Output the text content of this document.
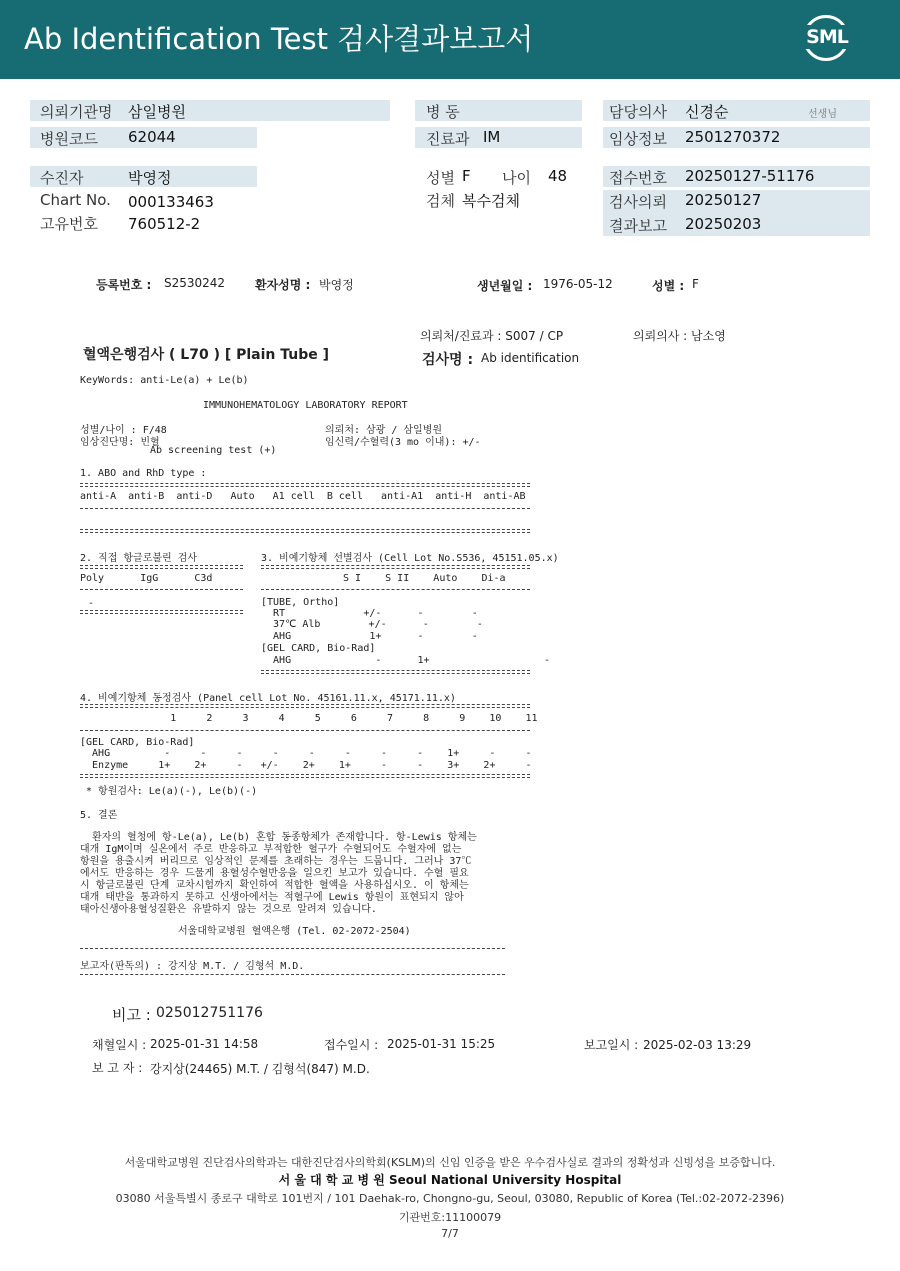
Ab Identification Test 검사결과보고서	SML
의뢰기관명 삼일병원
병원코드 62044
병 동
진료과 IM
담당의사 신경순	선생님
임상정보 2501270372
수진자	박영정
Chart No. 000133463
고유번호 760512-2
성별 F 나이 48
검체 복수검체
접수번호 20250127-51176
검사의뢰 20250127
결과보고 20250203
등록번호 : S2530242 환자성명 : 박영정	생년월일 : 1976-05-12	성별 : F
의뢰처/진료과 : S007 / CP	의뢰의사 : 남소영
혈액은행검사 ( L70 ) [ Plain Tube ]	검사명 : Ab identification
KeyWords: anti-Le(a) + Le(b)
IMMUNOHEMATOLOGY LABORATORY REPORT
성별/나이 : F/48	의뢰처: 삼광 / 삼일병원
임상진단명: 빈혈	임신력/수혈력(3 mo 이내): +/-
Ab screening test (+)
1. ABO and RhD type :
anti-A  anti-B  anti-D   Auto   A1 cell  B cell   anti-A1  anti-H  anti-AB
2. 직접 항글로불린 검사
Poly      IgG      C3d
-
3. 비예기항체 선별검사 (Cell Lot No.S536, 45151.05.x)
S I    S II    Auto    Di-a
[TUBE, Ortho]
RT             +/-      -        -
37℃ Alb        +/-      -        -
AHG             1+      -        -
[GEL CARD, Bio-Rad]
AHG              -      1+                   -
4. 비예기항체 동정검사 (Panel cell Lot No. 45161.11.x, 45171.11.x)
1     2     3     4     5     6     7     8     9    10    11
[GEL CARD, Bio-Rad]
AHG         -     -     -     -     -     -     -     -    1+     -     -
Enzyme     1+    2+     -   +/-    2+    1+     -     -    3+    2+     -
* 항원검사: Le(a)(-), Le(b)(-)
5. 결론
환자의 혈청에 항-Le(a), Le(b) 혼합 동종항체가 존재합니다. 항-Lewis 항체는
대개 IgM이며 실온에서 주로 반응하고 부적합한 혈구가 수혈되어도 수혈자에 없는
항원을 용출시켜 버리므로 임상적인 문제를 초래하는 경우는 드뭅니다. 그러나 37℃
에서도 반응하는 경우 드물게 용혈성수혈반응을 일으킨 보고가 있습니다. 수혈 필요
시 항글로불린 단계 교차시험까지 확인하여 적합한 혈액을 사용하십시오. 이 항체는
대개 태반을 통과하지 못하고 신생아에서는 적혈구에 Lewis 항원이 표현되지 않아
태아신생아용혈성질환은 유발하지 않는 것으로 알려져 있습니다.
서울대학교병원 혈액은행 (Tel. 02-2072-2504)
보고자(판독의) : 강지상 M.T. / 김형석 M.D.
비고 : 025012751176
채혈일시 : 2025-01-31 14:58	접수일시 : 2025-01-31 15:25	보고일시 : 2025-02-03 13:29
보 고 자 : 강지상(24465) M.T. / 김형석(847) M.D.
서울대학교병원 진단검사의학과는 대한진단검사의학회(KSLM)의 신임 인증을 받은 우수검사실로 결과의 정확성과 신빙성을 보증합니다.
서 울 대 학 교 병 원 Seoul National University Hospital
03080 서울특별시 종로구 대학로 101번지 / 101 Daehak-ro, Chongno-gu, Seoul, 03080, Republic of Korea (Tel.:02-2072-2396)
기관번호:11100079
7/7
